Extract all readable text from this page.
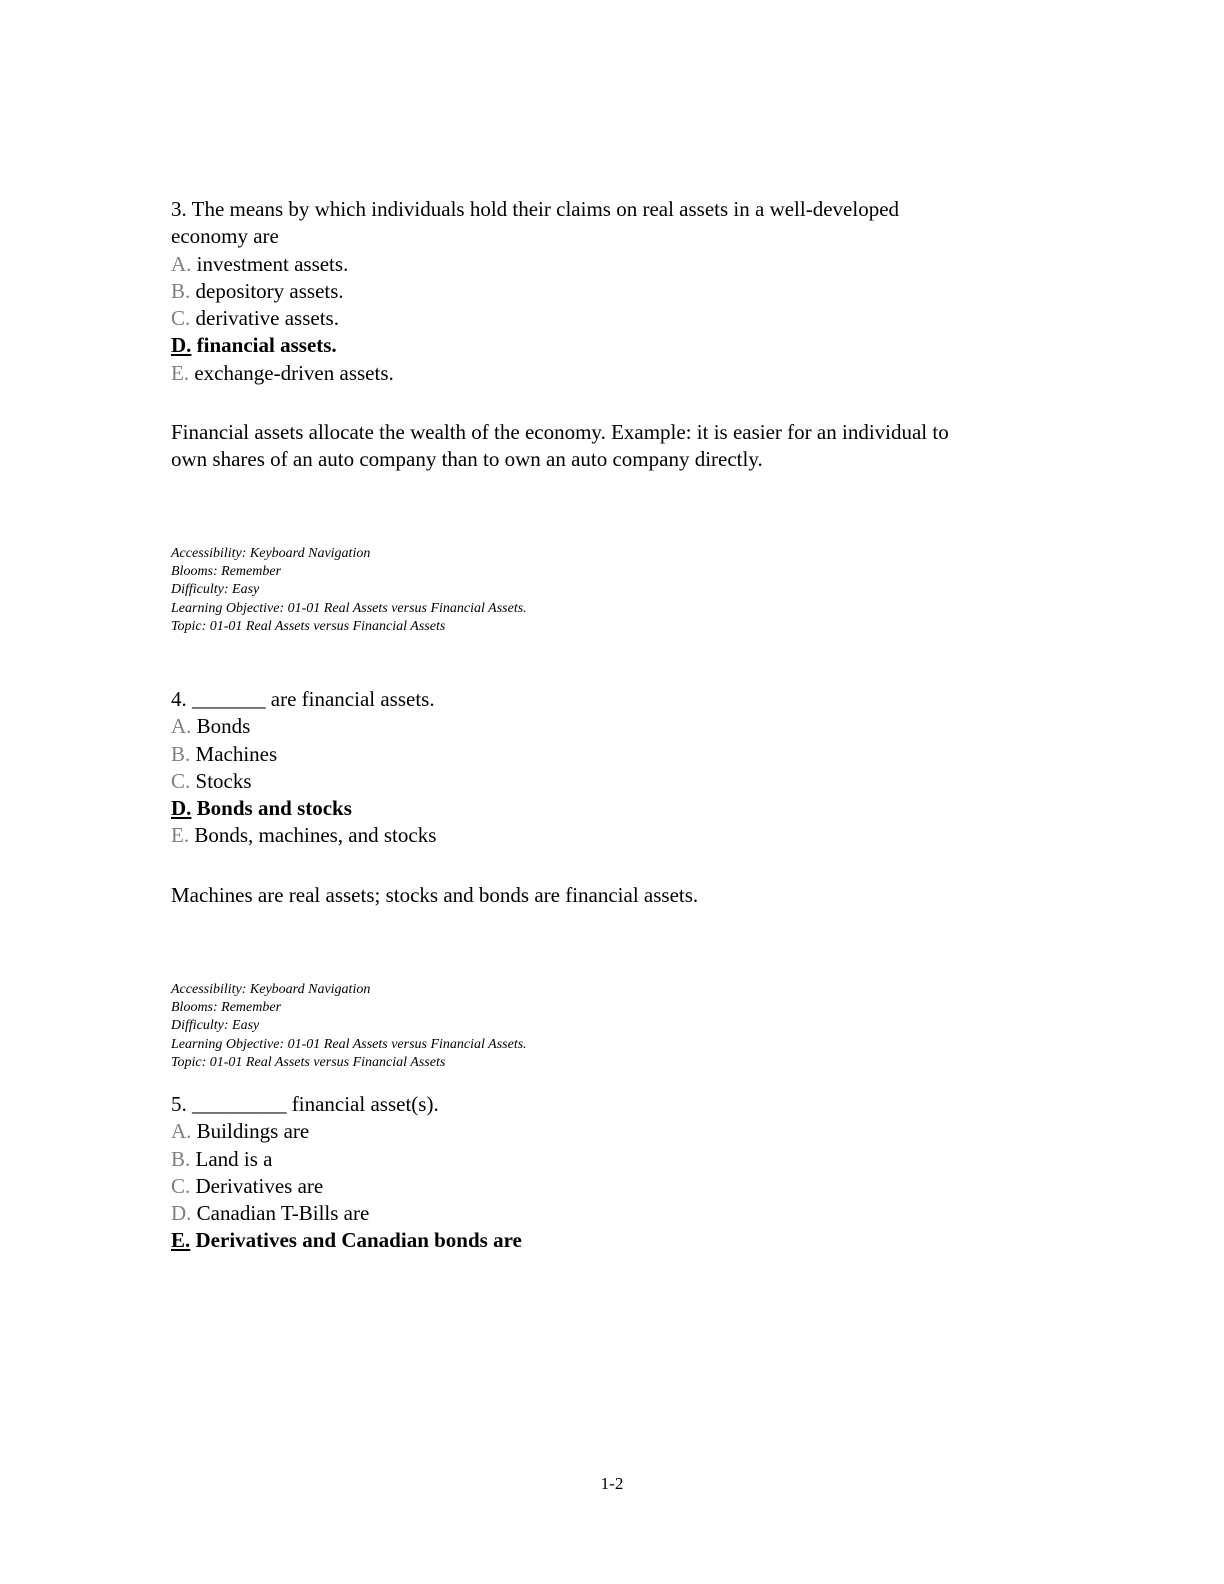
3. The means by which individuals hold their claims on real assets in a well-developed
economy are
A. investment assets.
B. depository assets.
C. derivative assets.
D. financial assets.
E. exchange-driven assets.
Financial assets allocate the wealth of the economy. Example: it is easier for an individual to
own shares of an auto company than to own an auto company directly.
Accessibility: Keyboard Navigation
Blooms: Remember
Difficulty: Easy
Learning Objective: 01-01 Real Assets versus Financial Assets.
Topic: 01-01 Real Assets versus Financial Assets
4. _______ are financial assets.
A. Bonds
B. Machines
C. Stocks
D. Bonds and stocks
E. Bonds, machines, and stocks
Machines are real assets; stocks and bonds are financial assets.
Accessibility: Keyboard Navigation
Blooms: Remember
Difficulty: Easy
Learning Objective: 01-01 Real Assets versus Financial Assets.
Topic: 01-01 Real Assets versus Financial Assets
5. _________ financial asset(s).
A. Buildings are
B. Land is a
C. Derivatives are
D. Canadian T-Bills are
E. Derivatives and Canadian bonds are
1-2
